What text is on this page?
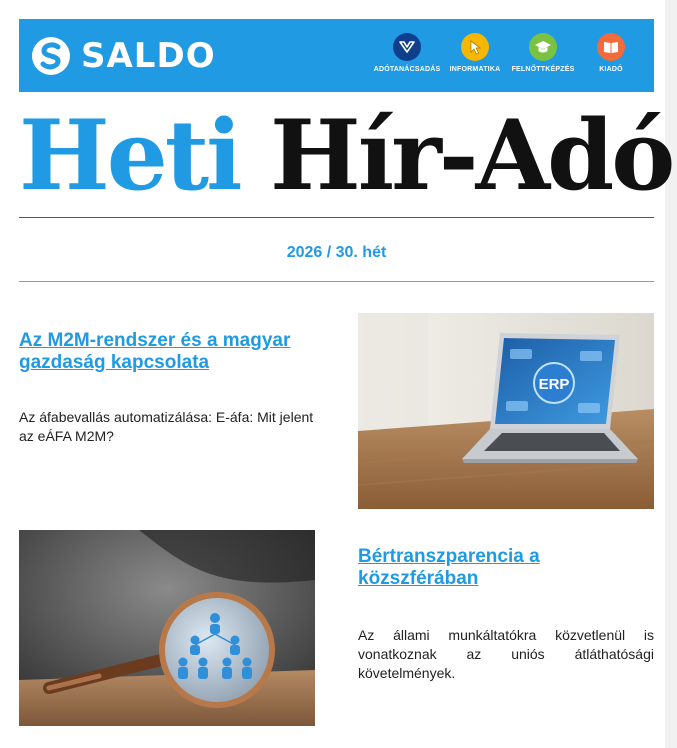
SALDO	ADÓTANÁCSADÁS INFORMATIKA FELNŐTTKÉPZÉS	KIADÓ
Heti Hír-Adó
2026 / 30. hét
Az M2M-rendszer és a magyar gazdaság kapcsolata

Az áfabevallás automatizálása: E-áfa: Mit jelent az eÁFA M2M?

ERP
Bértranszparencia a közszférában

Az állami munkáltatókra közvetlenül is vonatkoznak az uniós átláthatósági követelmények.
